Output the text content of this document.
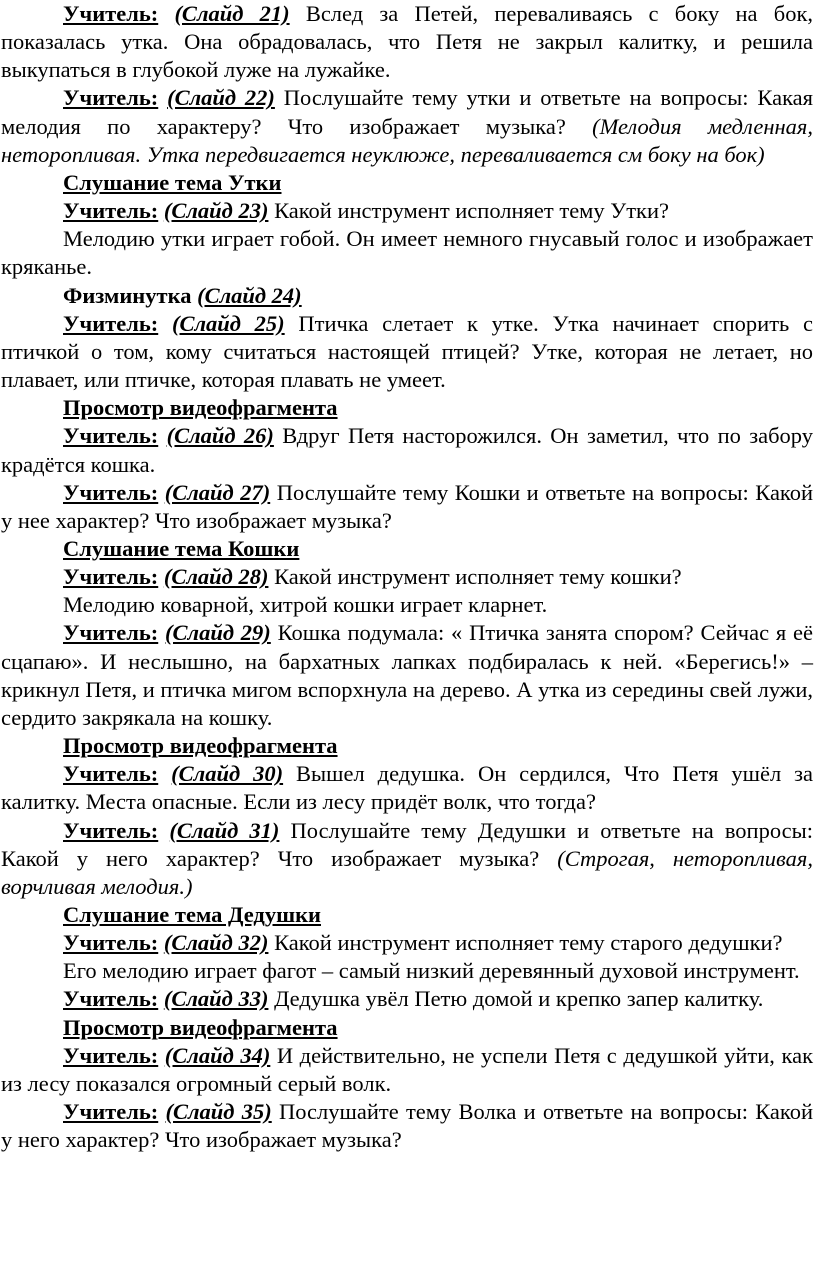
Учитель: (Слайд 21) Вслед за Петей, переваливаясь с боку на бок, показалась утка. Она обрадовалась, что Петя не закрыл калитку, и решила выкупаться в глубокой луже на лужайке.

Учитель: (Слайд 22) Послушайте тему утки и ответьте на вопросы: Какая мелодия по характеру? Что изображает музыка? (Мелодия медленная, неторопливая. Утка передвигается неуклюже, переваливается см боку на бок)

Слушание тема Утки

Учитель: (Слайд 23) Какой инструмент исполняет тему Утки?

Мелодию утки играет гобой. Он имеет немного гнусавый голос и изображает кряканье.

Физминутка (Слайд 24)

Учитель: (Слайд 25) Птичка слетает к утке. Утка начинает спорить с птичкой о том, кому считаться настоящей птицей? Утке, которая не летает, но плавает, или птичке, которая плавать не умеет.

Просмотр видеофрагмента

Учитель: (Слайд 26) Вдруг Петя насторожился. Он заметил, что по забору крадётся кошка.

Учитель: (Слайд 27) Послушайте тему Кошки и ответьте на вопросы: Какой у нее характер? Что изображает музыка?

Слушание тема Кошки

Учитель: (Слайд 28) Какой инструмент исполняет тему кошки?

Мелодию коварной, хитрой кошки играет кларнет.

Учитель: (Слайд 29) Кошка подумала: « Птичка занята спором? Сейчас я её сцапаю». И неслышно, на бархатных лапках подбиралась к ней. «Берегись!» – крикнул Петя, и птичка мигом вспорхнула на дерево. А утка из середины свей лужи, сердито закрякала на кошку.

Просмотр видеофрагмента

Учитель: (Слайд 30) Вышел дедушка. Он сердился, Что Петя ушёл за калитку. Места опасные. Если из лесу придёт волк, что тогда?

Учитель: (Слайд 31) Послушайте тему Дедушки и ответьте на вопросы: Какой у него характер? Что изображает музыка? (Строгая, неторопливая, ворчливая мелодия.)

Слушание тема Дедушки

Учитель: (Слайд 32) Какой инструмент исполняет тему старого дедушки?

Его мелодию играет фагот – самый низкий деревянный духовой инструмент.

Учитель: (Слайд 33) Дедушка увёл Петю домой и крепко запер калитку.

Просмотр видеофрагмента

Учитель: (Слайд 34) И действительно, не успели Петя с дедушкой уйти, как из лесу показался огромный серый волк.

Учитель: (Слайд 35) Послушайте тему Волка и ответьте на вопросы: Какой у него характер? Что изображает музыка?
